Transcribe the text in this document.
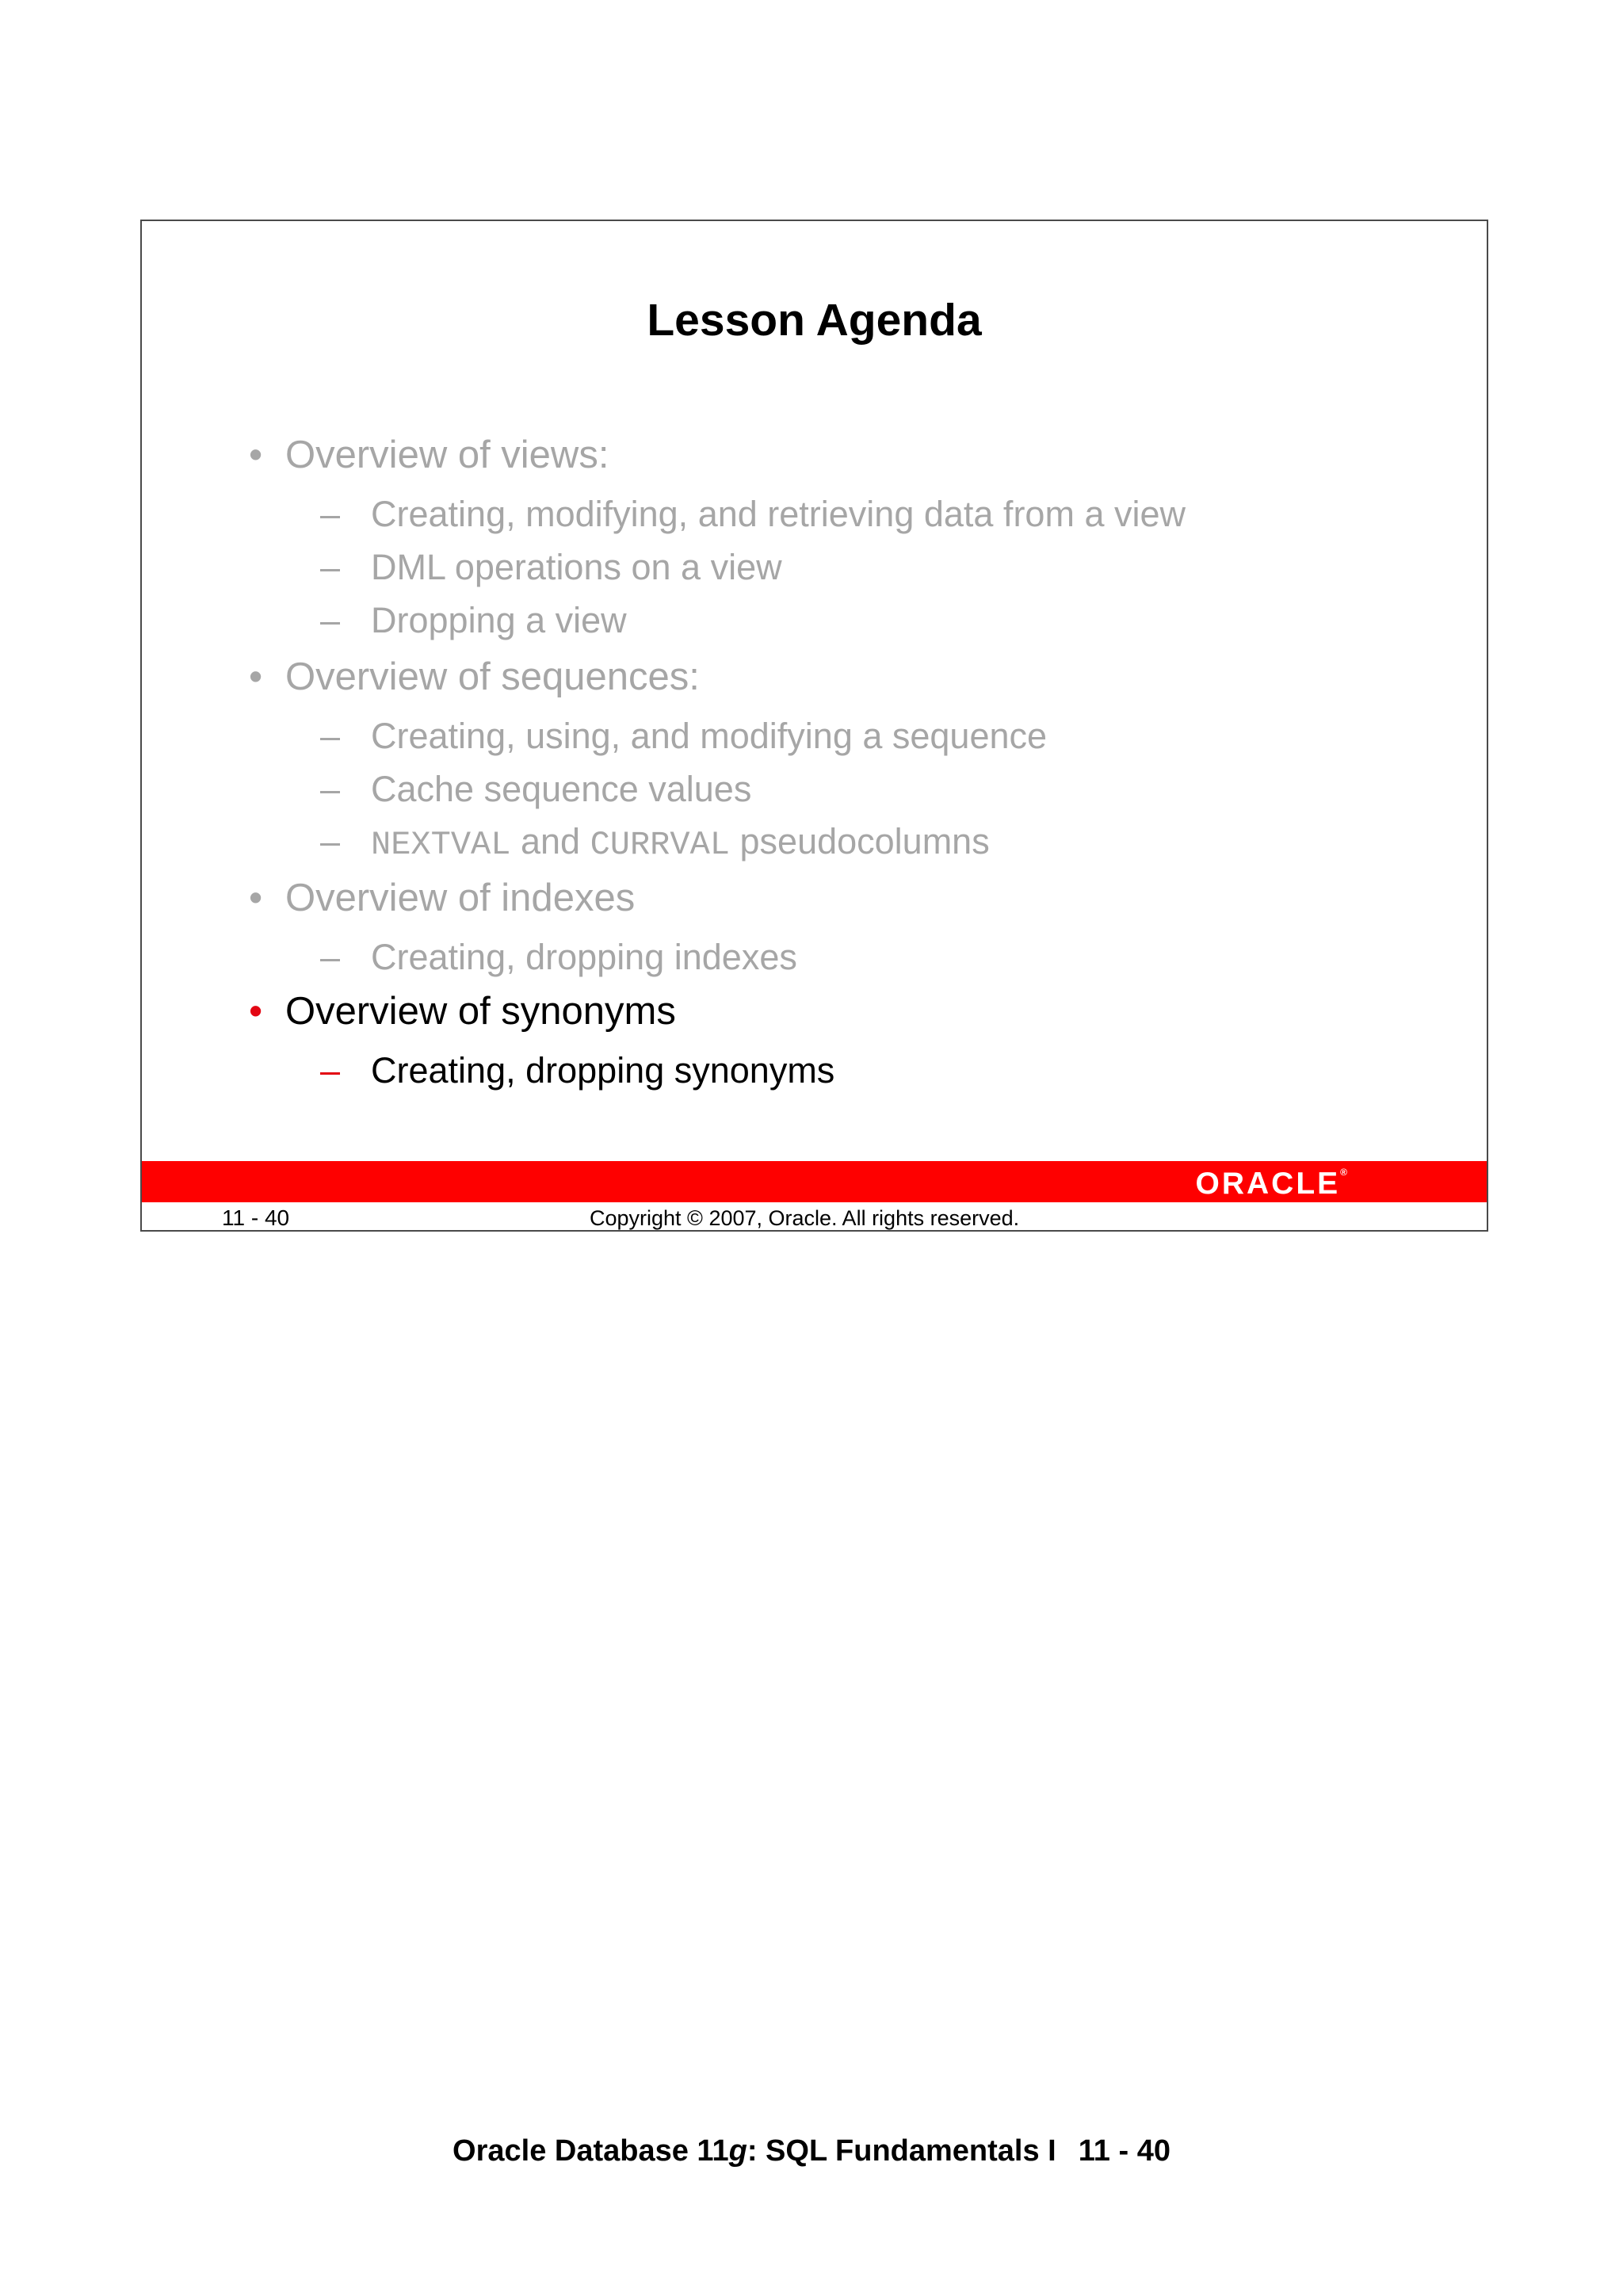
Lesson Agenda
• Overview of views:
– Creating, modifying, and retrieving data from a view
– DML operations on a view
– Dropping a view
• Overview of sequences:
– Creating, using, and modifying a sequence
– Cache sequence values
– NEXTVAL and CURRVAL pseudocolumns
• Overview of indexes
– Creating, dropping indexes
• Overview of synonyms
– Creating, dropping synonyms
ORACLE®
11 - 40	Copyright © 2007, Oracle. All rights reserved.
Oracle Database 11g: SQL Fundamentals I 11 - 40
